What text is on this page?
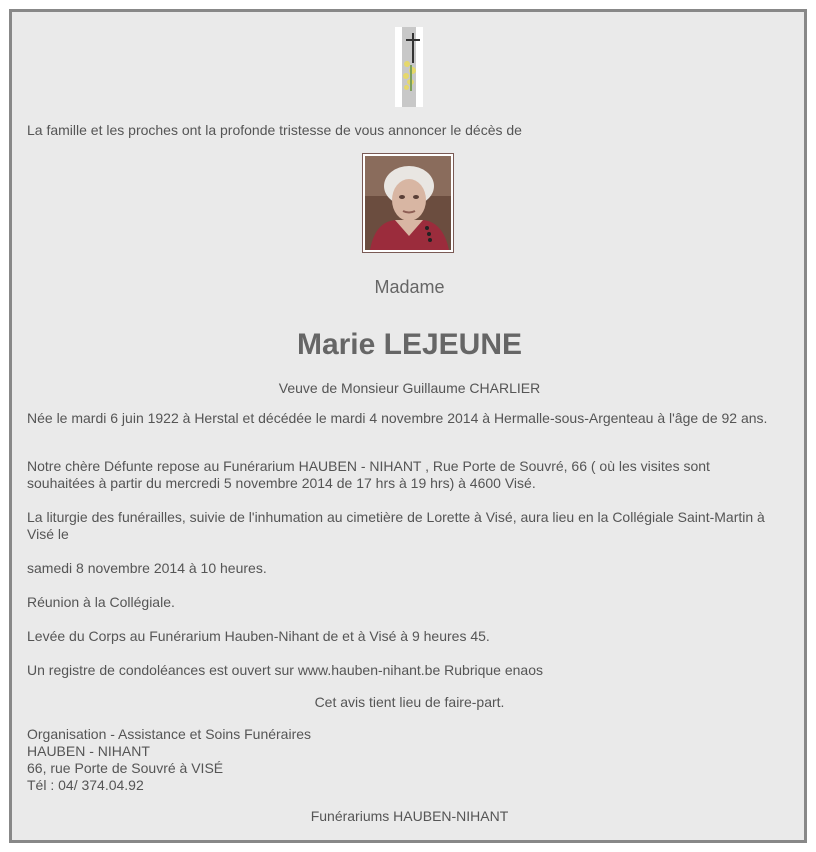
La famille et les proches ont la profonde tristesse de vous annoncer le décès de

Madame

Marie LEJEUNE

Veuve de Monsieur Guillaume CHARLIER

Née le mardi 6 juin 1922 à Herstal et décédée le mardi 4 novembre 2014 à Hermalle-sous-Argenteau à l'âge de 92 ans.

Notre chère Défunte repose au Funérarium HAUBEN - NIHANT , Rue Porte de Souvré, 66 ( où les visites sont souhaitées à partir du mercredi 5 novembre 2014 de 17 hrs à 19 hrs) à 4600 Visé.

La liturgie des funérailles, suivie de l'inhumation au cimetière de Lorette à Visé, aura lieu en la Collégiale Saint-Martin à Visé le

samedi 8 novembre 2014 à 10 heures.

Réunion à la Collégiale.

Levée du Corps au Funérarium Hauben-Nihant de et à Visé à 9 heures 45.

Un registre de condoléances est ouvert sur www.hauben-nihant.be Rubrique enaos

Cet avis tient lieu de faire-part.

Organisation - Assistance et Soins Funéraires

HAUBEN - NIHANT

66, rue Porte de Souvré à VISÉ

Tél : 04/ 374.04.92

Funérariums HAUBEN-NIHANT
